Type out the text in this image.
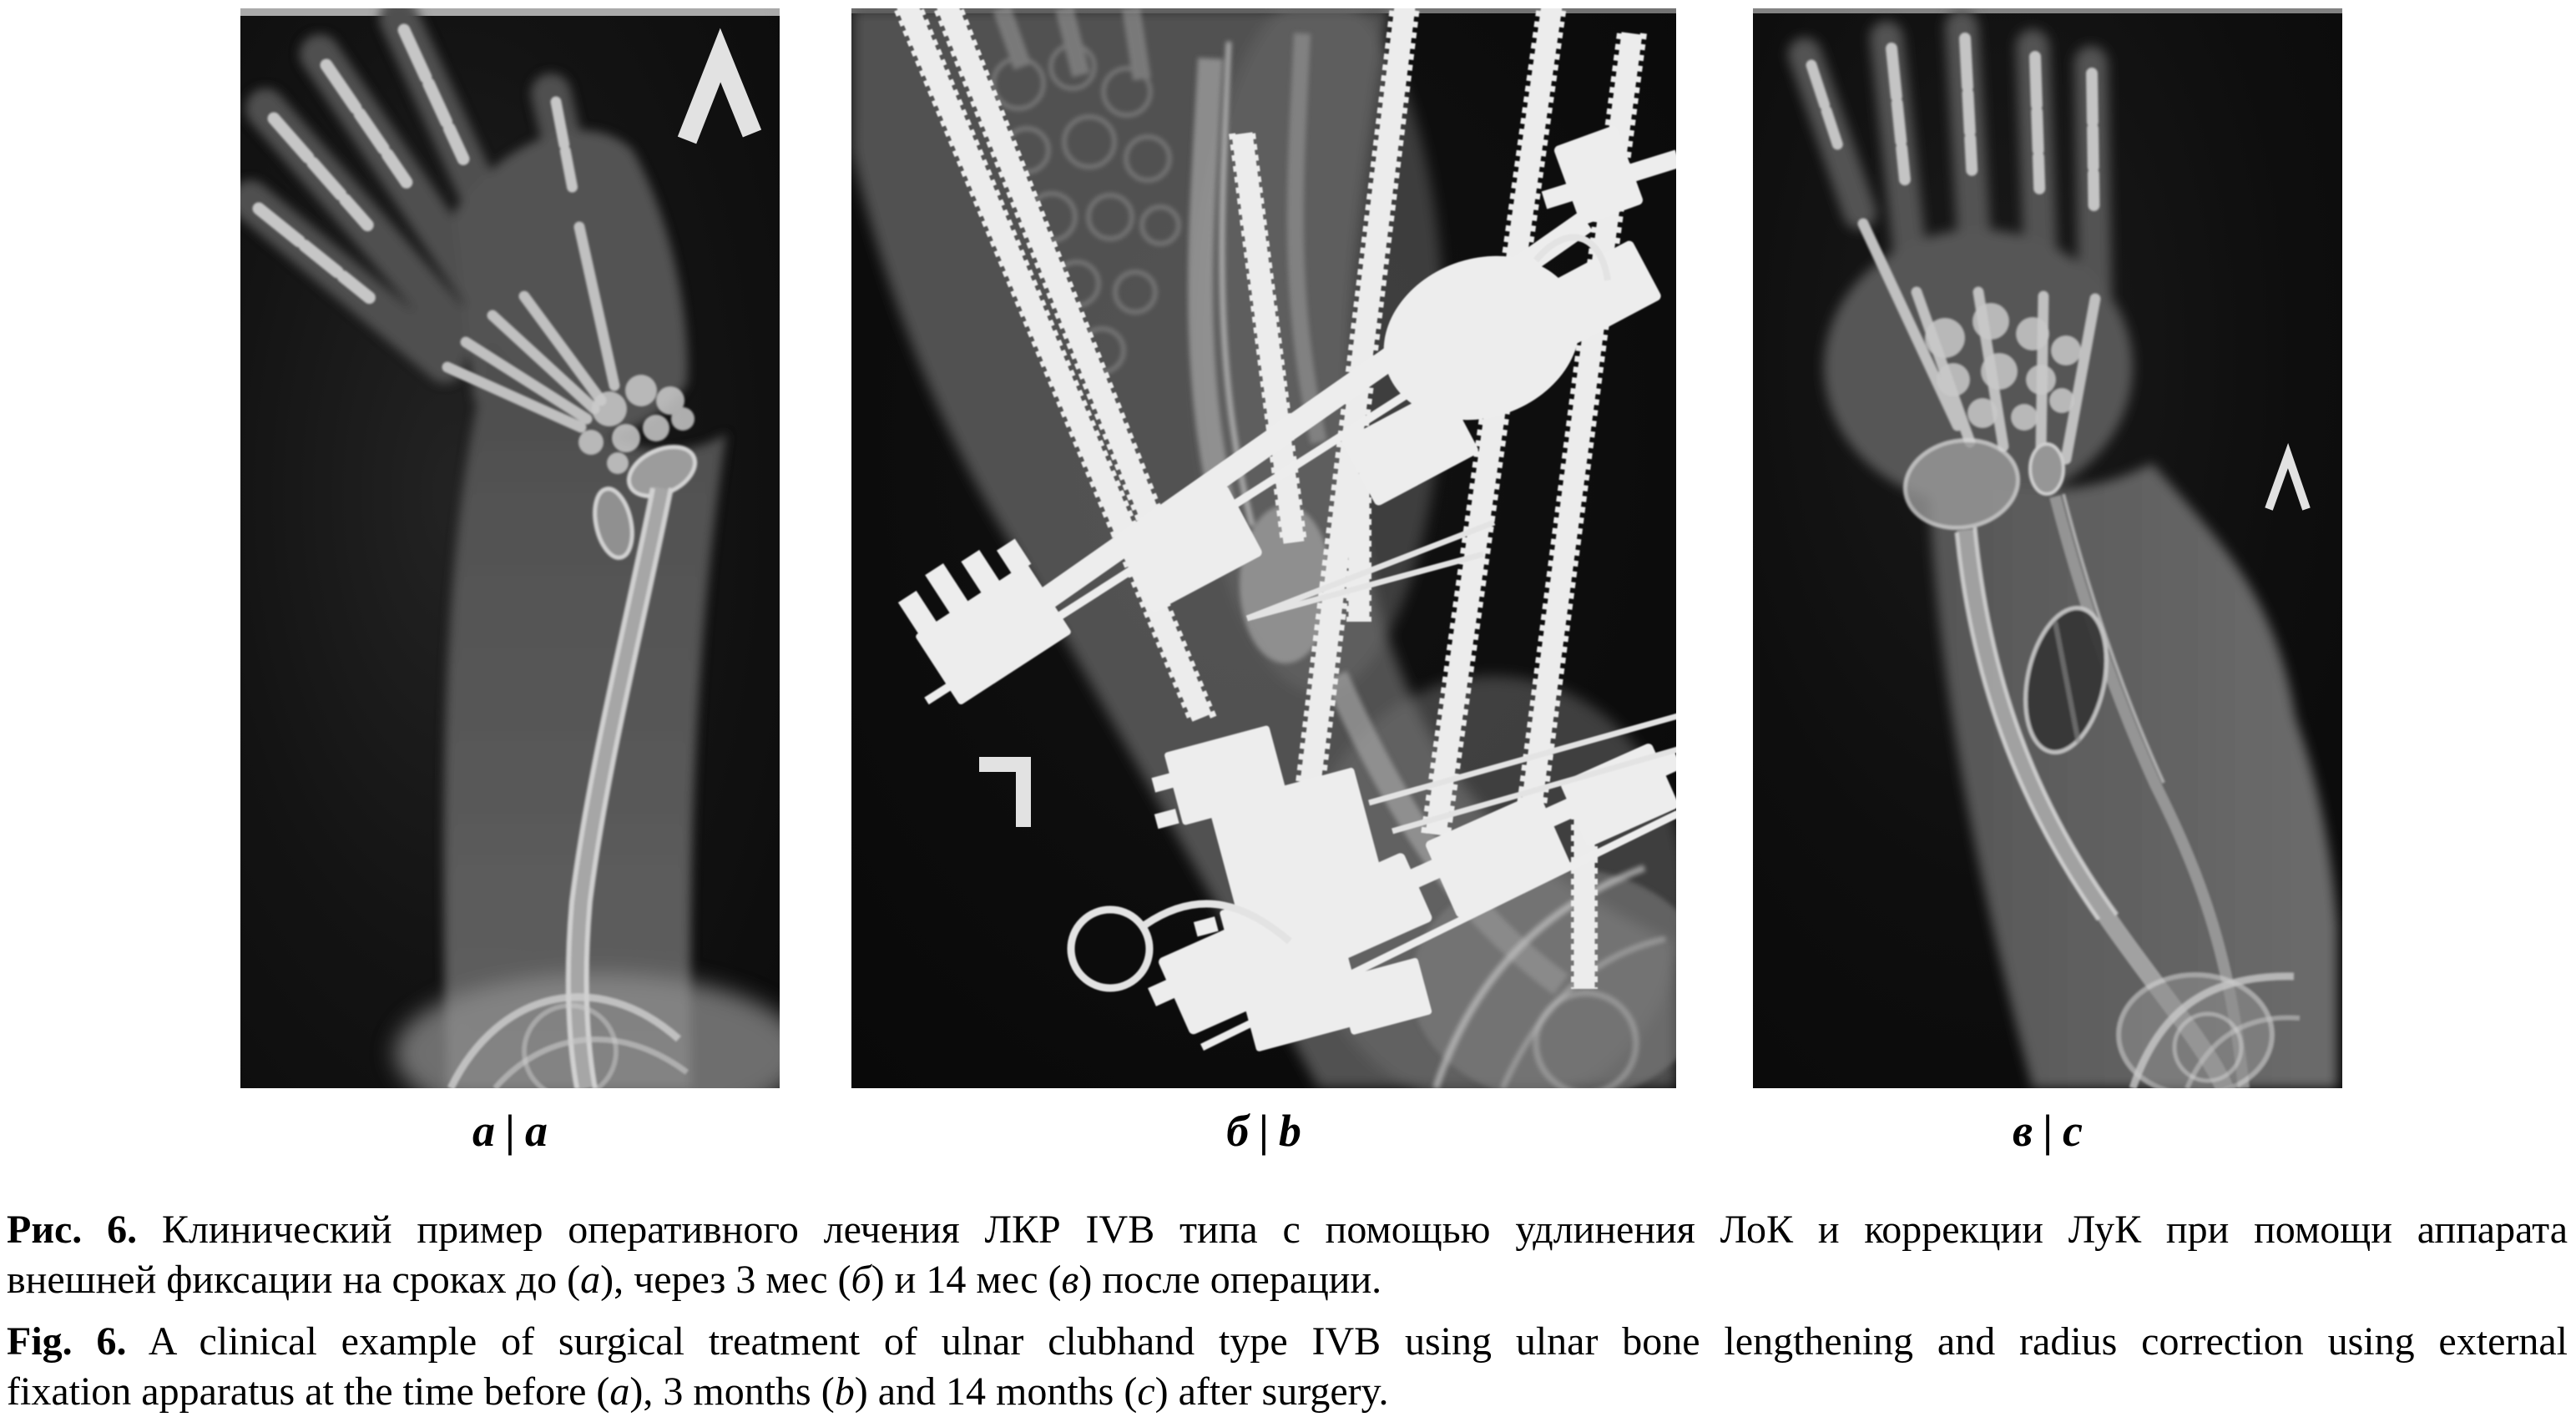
а | a	б | b	в | c

Рис. 6. Клинический пример оперативного лечения ЛКР IVB типа с помощью удлинения ЛоК и коррекции ЛуК при помощи аппарата

внешней фиксации на сроках до (а), через 3 мес (б) и 14 мес (в) после операции.

Fig. 6. A clinical example of surgical treatment of ulnar clubhand type IVB using ulnar bone lengthening and radius correction using external

fixation apparatus at the time before (a), 3 months (b) and 14 months (c) after surgery.
